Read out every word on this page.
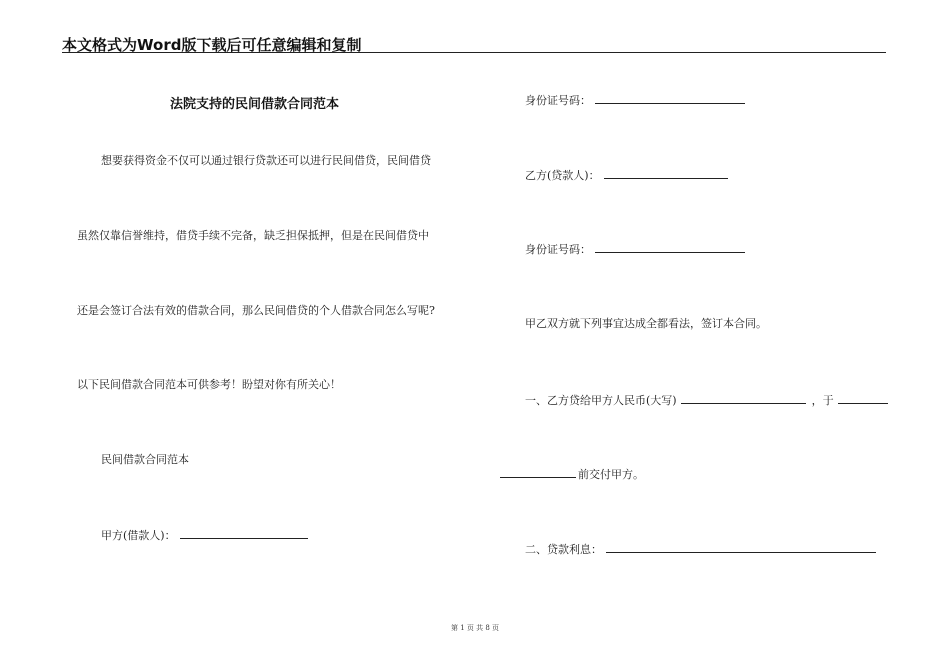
本文格式为Word版下载后可任意编辑和复制
法院支持的民间借款合同范本
想要获得资金不仅可以通过银行贷款还可以进行民间借贷，民间借贷
虽然仅靠信誉维持，借贷手续不完备，缺乏担保抵押，但是在民间借贷中
还是会签订合法有效的借款合同，那么民间借贷的个人借款合同怎么写呢?
以下民间借款合同范本可供参考！盼望对你有所关心！
民间借款合同范本
甲方(借款人)：
身份证号码：
乙方(贷款人)：
身份证号码：
甲乙双方就下列事宜达成全都看法，签订本合同。
一、乙方贷给甲方人民币(大写)	，于
前交付甲方。
二、贷款利息：
第 1 页 共 8 页
